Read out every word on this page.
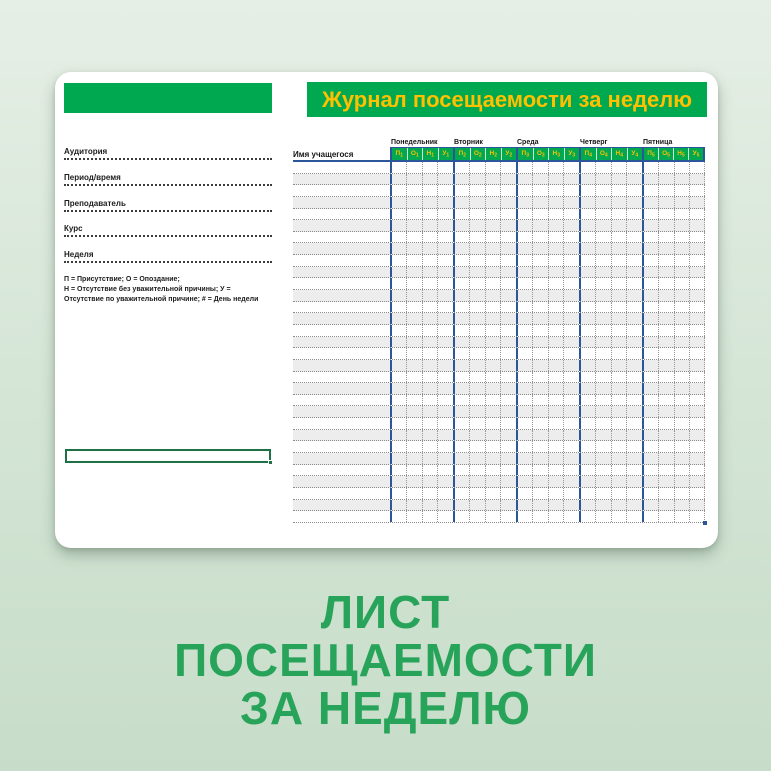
Журнал посещаемости за неделю
Аудитория
Период/время
Преподаватель
Курс
Неделя
П = Присутствие; О = Опоздание;
Н = Отсутствие без уважительной причины; У =
Отсутствие по уважительной причине; # = День недели
Понедельник	Вторник	Среда	Четверг	Пятница
Имя учащегося	$П_1$ $О_1$ $Н_1$ $У_1$ $П_2$ $О_2$ $Н_2$ $У_2$ $П_3$ $О_3$ $Н_3$ $У_3$ $П_4$ $О_4$ $Н_4$ $У_4$ $П_5$ $О_5$ $Н_5$ $У_5$
ЛИСТ
ПОСЕЩАЕМОСТИ
ЗА НЕДЕЛЮ
